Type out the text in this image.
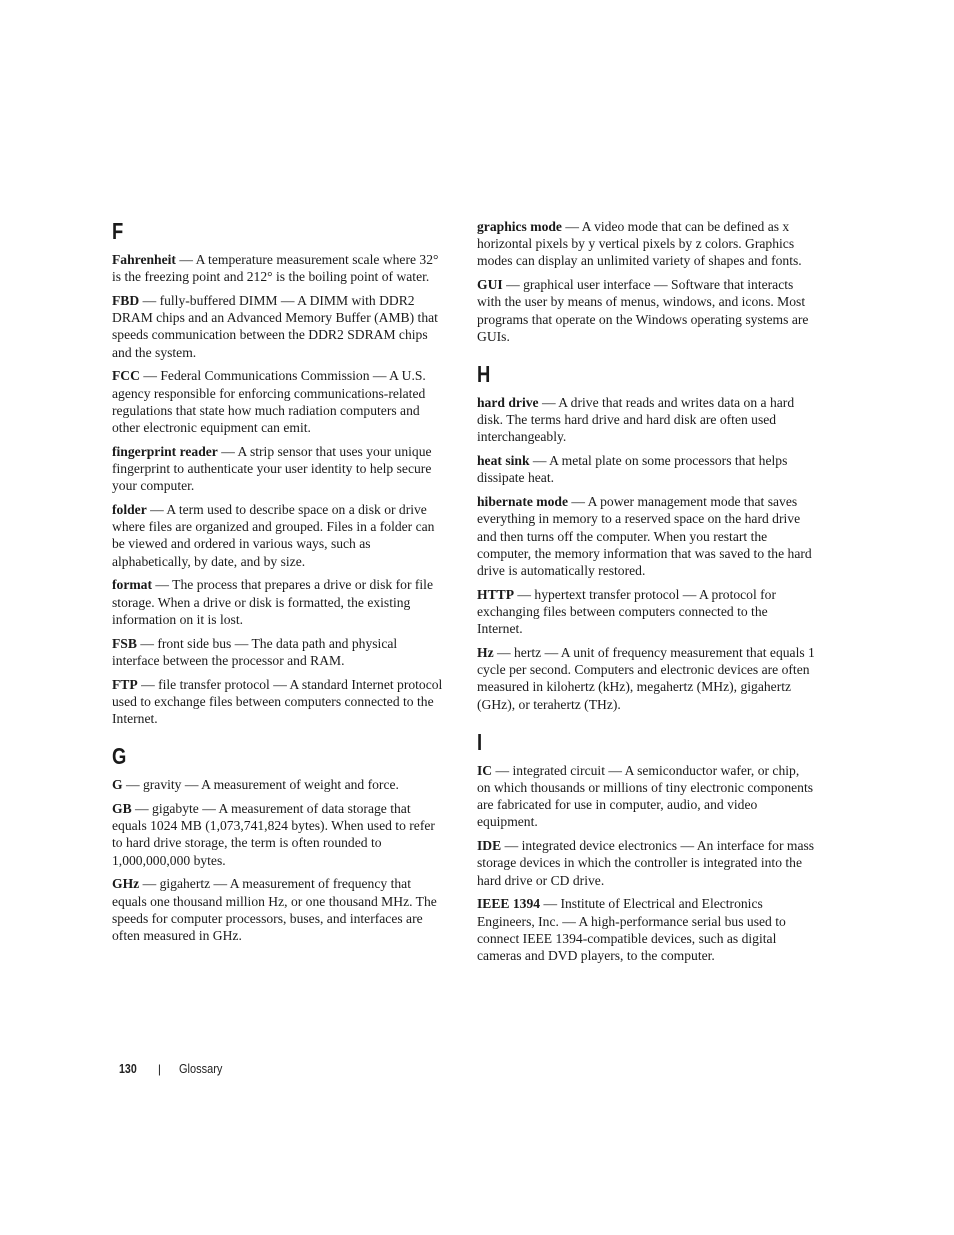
F

Fahrenheit — A temperature measurement scale where 32° is the freezing point and 212° is the boiling point of water.

FBD — fully-buffered DIMM — A DIMM with DDR2 DRAM chips and an Advanced Memory Buffer (AMB) that speeds communication between the DDR2 SDRAM chips and the system.

FCC — Federal Communications Commission — A U.S. agency responsible for enforcing communications-related regulations that state how much radiation computers and other electronic equipment can emit.

fingerprint reader — A strip sensor that uses your unique fingerprint to authenticate your user identity to help secure your computer.

folder — A term used to describe space on a disk or drive where files are organized and grouped. Files in a folder can be viewed and ordered in various ways, such as alphabetically, by date, and by size.

format — The process that prepares a drive or disk for file storage. When a drive or disk is formatted, the existing information on it is lost.

FSB — front side bus — The data path and physical interface between the processor and RAM.

FTP — file transfer protocol — A standard Internet protocol used to exchange files between computers connected to the Internet.

G

G — gravity — A measurement of weight and force.

GB — gigabyte — A measurement of data storage that equals 1024 MB (1,073,741,824 bytes). When used to refer to hard drive storage, the term is often rounded to 1,000,000,000 bytes.

GHz — gigahertz — A measurement of frequency that equals one thousand million Hz, or one thousand MHz. The speeds for computer processors, buses, and interfaces are often measured in GHz.

graphics mode — A video mode that can be defined as x horizontal pixels by y vertical pixels by z colors. Graphics modes can display an unlimited variety of shapes and fonts.

GUI — graphical user interface — Software that interacts with the user by means of menus, windows, and icons. Most programs that operate on the Windows operating systems are GUIs.

H

hard drive — A drive that reads and writes data on a hard disk. The terms hard drive and hard disk are often used interchangeably.

heat sink — A metal plate on some processors that helps dissipate heat.

hibernate mode — A power management mode that saves everything in memory to a reserved space on the hard drive and then turns off the computer. When you restart the computer, the memory information that was saved to the hard drive is automatically restored.

HTTP — hypertext transfer protocol — A protocol for exchanging files between computers connected to the Internet.

Hz — hertz — A unit of frequency measurement that equals 1 cycle per second. Computers and electronic devices are often measured in kilohertz (kHz), megahertz (MHz), gigahertz (GHz), or terahertz (THz).

I

IC — integrated circuit — A semiconductor wafer, or chip, on which thousands or millions of tiny electronic components are fabricated for use in computer, audio, and video equipment.

IDE — integrated device electronics — An interface for mass storage devices in which the controller is integrated into the hard drive or CD drive.

IEEE 1394 — Institute of Electrical and Electronics Engineers, Inc. — A high-performance serial bus used to connect IEEE 1394-compatible devices, such as digital cameras and DVD players, to the computer.

130 | Glossary
